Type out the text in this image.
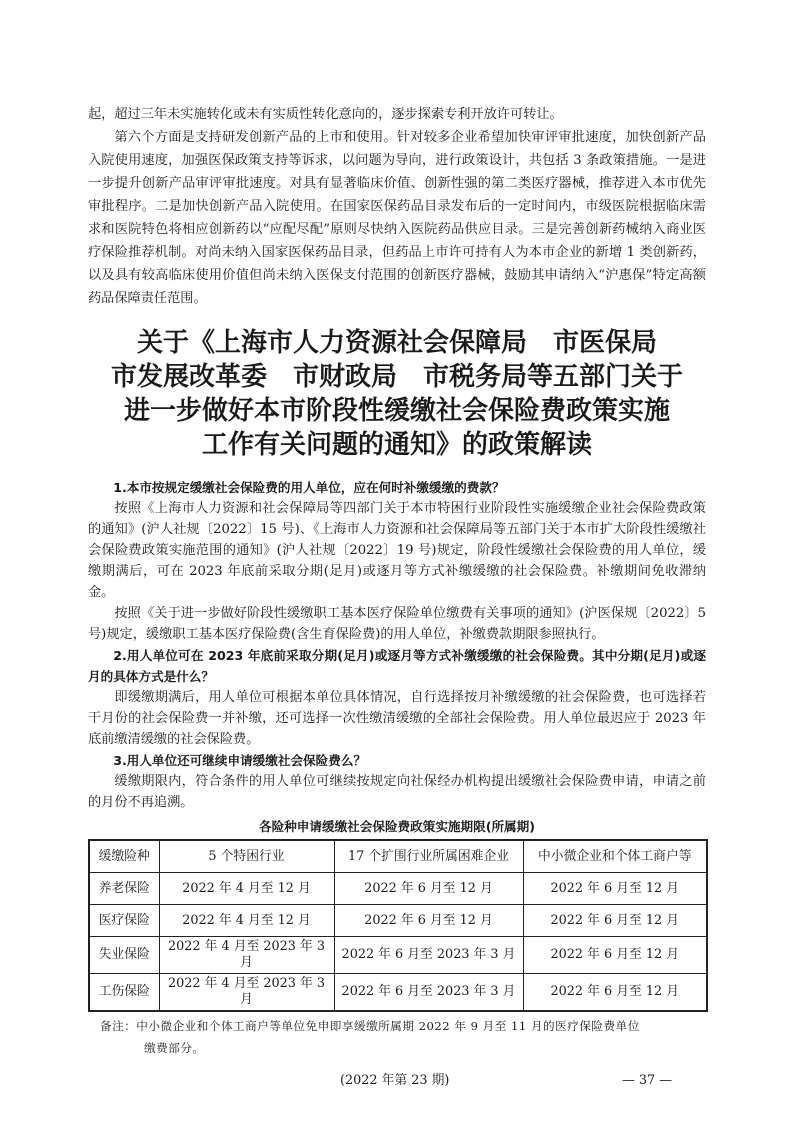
起，超过三年未实施转化或未有实质性转化意向的，逐步探索专利开放许可转让。

第六个方面是支持研发创新产品的上市和使用。针对较多企业希望加快审评审批速度，加快创新产品入院使用速度，加强医保政策支持等诉求，以问题为导向，进行政策设计，共包括 3 条政策措施。一是进一步提升创新产品审评审批速度。对具有显著临床价值、创新性强的第二类医疗器械，推荐进入本市优先审批程序。二是加快创新产品入院使用。在国家医保药品目录发布后的一定时间内，市级医院根据临床需求和医院特色将相应创新药以“应配尽配”原则尽快纳入医院药品供应目录。三是完善创新药械纳入商业医疗保险推荐机制。对尚未纳入国家医保药品目录，但药品上市许可持有人为本市企业的新增 1 类创新药，以及具有较高临床使用价值但尚未纳入医保支付范围的创新医疗器械，鼓励其申请纳入“沪惠保”特定高额药品保障责任范围。

关于《上海市人力资源社会保障局　市医保局
市发展改革委　市财政局　市税务局等五部门关于
进一步做好本市阶段性缓缴社会保险费政策实施
工作有关问题的通知》的政策解读

1.本市按规定缓缴社会保险费的用人单位，应在何时补缴缓缴的费款？

按照《上海市人力资源和社会保障局等四部门关于本市特困行业阶段性实施缓缴企业社会保险费政策的通知》(沪人社规〔2022〕15 号)、《上海市人力资源和社会保障局等五部门关于本市扩大阶段性缓缴社会保险费政策实施范围的通知》(沪人社规〔2022〕19 号)规定，阶段性缓缴社会保险费的用人单位，缓缴期满后，可在 2023 年底前采取分期(足月)或逐月等方式补缴缓缴的社会保险费。补缴期间免收滞纳金。

按照《关于进一步做好阶段性缓缴职工基本医疗保险单位缴费有关事项的通知》(沪医保规〔2022〕5 号)规定，缓缴职工基本医疗保险费(含生育保险费)的用人单位，补缴费款期限参照执行。

2.用人单位可在 2023 年底前采取分期(足月)或逐月等方式补缴缓缴的社会保险费。其中分期(足月)或逐月的具体方式是什么？

即缓缴期满后，用人单位可根据本单位具体情况，自行选择按月补缴缓缴的社会保险费，也可选择若干月份的社会保险费一并补缴，还可选择一次性缴清缓缴的全部社会保险费。用人单位最迟应于 2023 年底前缴清缓缴的社会保险费。

3.用人单位还可继续申请缓缴社会保险费么？

缓缴期限内，符合条件的用人单位可继续按规定向社保经办机构提出缓缴社会保险费申请，申请之前的月份不再追溯。

各险种申请缓缴社会保险费政策实施期限(所属期)
缓缴险种	5 个特困行业	17 个扩围行业所属困难企业	中小微企业和个体工商户等
养老保险	2022 年 4 月至 12 月	2022 年 6 月至 12 月	2022 年 6 月至 12 月
医疗保险	2022 年 4 月至 12 月	2022 年 6 月至 12 月	2022 年 6 月至 12 月
失业保险	2022 年 4 月至 2023 年 3 月	2022 年 6 月至 2023 年 3 月	2022 年 6 月至 12 月
工伤保险	2022 年 4 月至 2023 年 3 月	2022 年 6 月至 2023 年 3 月	2022 年 6 月至 12 月
备注：中小微企业和个体工商户等单位免申即享缓缴所属期 2022 年 9 月至 11 月的医疗保险费单位
缴费部分。
(2022 年第 23 期)	— 37 —
